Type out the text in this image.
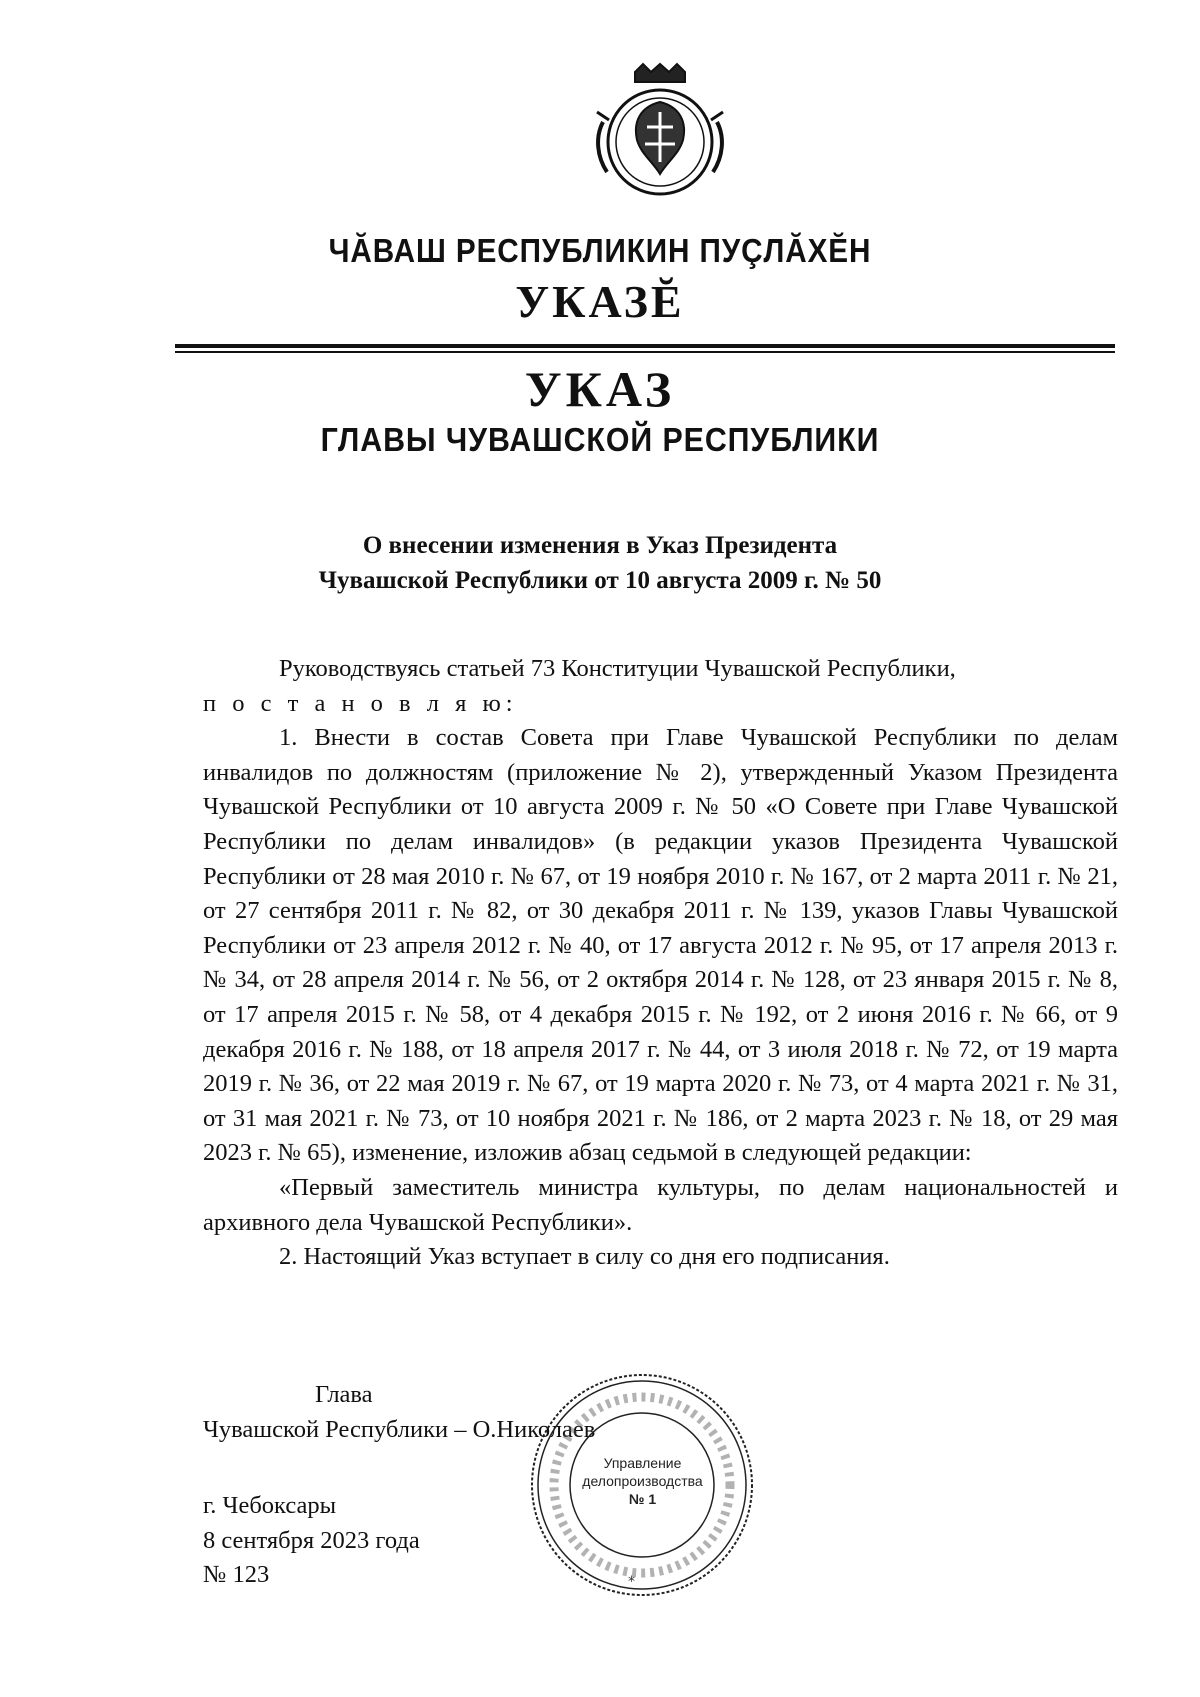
ЧĂВАШ РЕСПУБЛИКИН ПУÇЛĂХĔН
УКАЗĔ
УКАЗ
ГЛАВЫ ЧУВАШСКОЙ РЕСПУБЛИКИ
О внесении изменения в Указ Президента
Чувашской Республики от 10 августа 2009 г. № 50

Руководствуясь статьей 73 Конституции Чувашской Республики,

п о с т а н о в л я ю:

1. Внести в состав Совета при Главе Чувашской Республики по делам инвалидов по должностям (приложение № 2), утвержденный Указом Президента Чувашской Республики от 10 августа 2009 г. № 50 «О Совете при Главе Чувашской Республики по делам инвалидов» (в редакции указов Президента Чувашской Республики от 28 мая 2010 г. № 67, от 19 ноября 2010 г. № 167, от 2 марта 2011 г. № 21, от 27 сентября 2011 г. № 82, от 30 декабря 2011 г. № 139, указов Главы Чувашской Республики от 23 апреля 2012 г. № 40, от 17 августа 2012 г. № 95, от 17 апреля 2013 г. № 34, от 28 апреля 2014 г. № 56, от 2 октября 2014 г. № 128, от 23 января 2015 г. № 8, от 17 апреля 2015 г. № 58, от 4 декабря 2015 г. № 192, от 2 июня 2016 г. № 66, от 9 декабря 2016 г. № 188, от 18 апреля 2017 г. № 44, от 3 июля 2018 г. № 72, от 19 марта 2019 г. № 36, от 22 мая 2019 г. № 67, от 19 марта 2020 г. № 73, от 4 марта 2021 г. № 31, от 31 мая 2021 г. № 73, от 10 ноября 2021 г. № 186, от 2 марта 2023 г. № 18, от 29 мая 2023 г. № 65), изменение, изложив абзац седьмой в следующей редакции:

«Первый заместитель министра культуры, по делам национальностей и архивного дела Чувашской Республики».

2. Настоящий Указ вступает в силу со дня его подписания.

Глава
Чувашской Республики – О.Николаев
г. Чебоксары
8 сентября 2023 года
№ 123	*
Управление
делопроизводства
№ 1
